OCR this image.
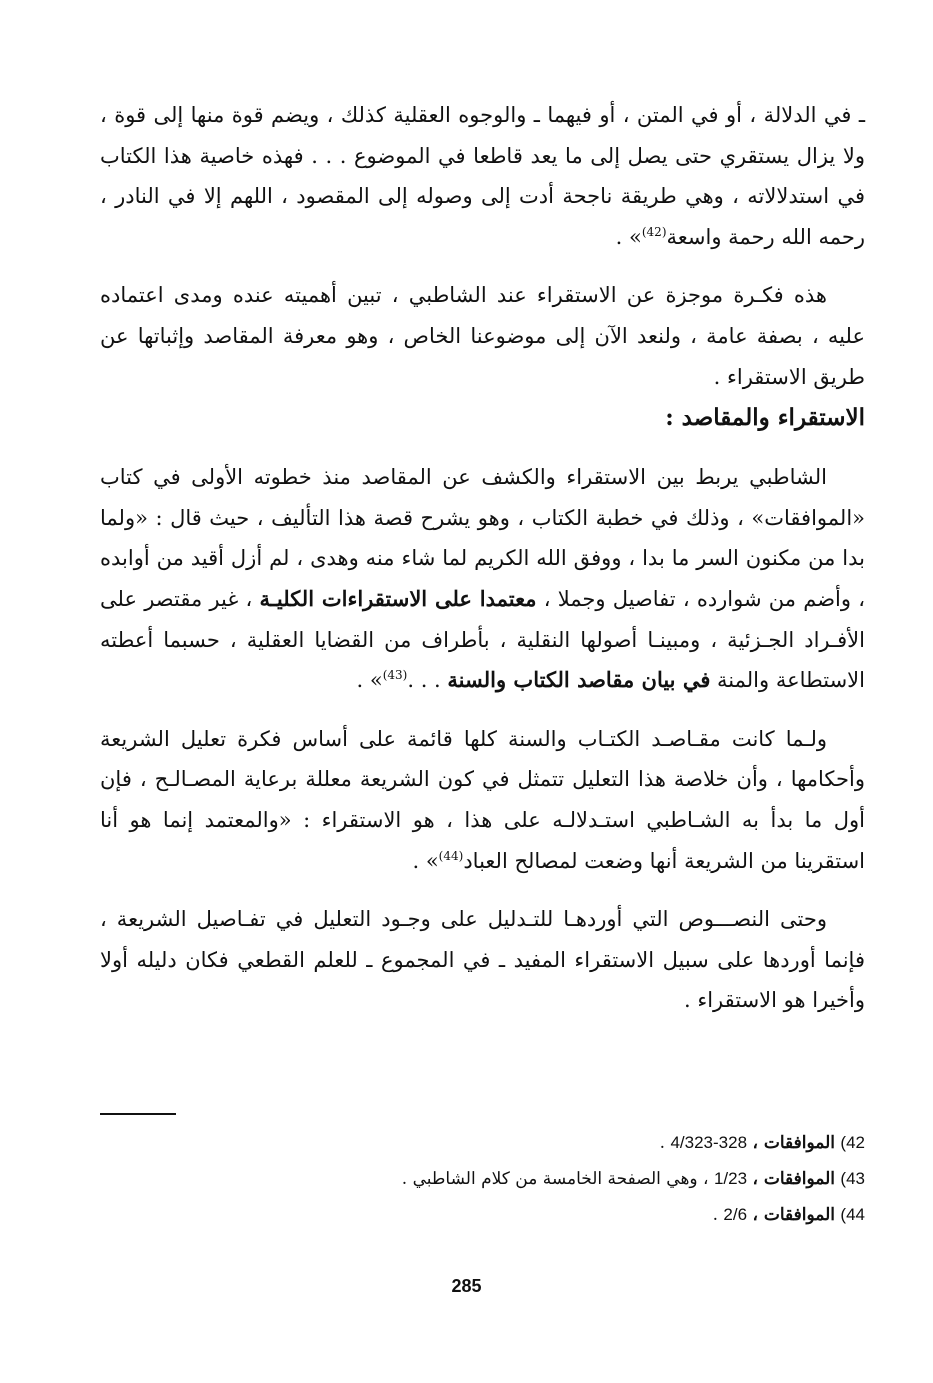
ـ في الدلالة ، أو في المتن ، أو فيهما ـ والوجوه العقلية كذلك ، ويضم قوة منها إلى قوة ، ولا يزال يستقري حتى يصل إلى ما يعد قاطعا في الموضوع . . . فهذه خاصية هذا الكتاب في استدلالاته ، وهي طريقة ناجحة أدت إلى وصوله إلى المقصود ، اللهم إلا في النادر ، رحمه الله رحمة واسعة$^{(42)}$» .

هذه فكـرة موجزة عن الاستقراء عند الشاطبي ، تبين أهميته عنده ومدى اعتماده عليه ، بصفة عامة ، ولنعد الآن إلى موضوعنا الخاص ، وهو معرفة المقاصد وإثباتها عن طريق الاستقراء .

الاستقراء والمقاصد :

الشاطبي يربط بين الاستقراء والكشف عن المقاصد منذ خطوته الأولى في كتاب «الموافقات» ، وذلك في خطبة الكتاب ، وهو يشرح قصة هذا التأليف ، حيث قال : «ولما بدا من مكنون السر ما بدا ، ووفق الله الكريم لما شاء منه وهدى ، لم أزل أقيد من أوابده ، وأضم من شوارده ، تفاصيل وجملا ، معتمدا على الاستقراءات الكليـة ، غير مقتصر على الأفـراد الجـزئية ، ومبينـا أصولها النقلية ، بأطراف من القضايا العقلية ، حسبما أعطته الاستطاعة والمنة في بيان مقاصد الكتاب والسنة . . .$^{(43)}$» .

ولـما كانت مقـاصـد الكتـاب والسنة كلها قائمة على أساس فكرة تعليل الشريعة وأحكامها ، وأن خلاصة هذا التعليل تتمثل في كون الشريعة معللة برعاية المصـالـح ، فإن أول ما بدأ به الشـاطبي استـدلالـه على هذا ، هو الاستقراء : «والمعتمد إنما هو أنا استقرينا من الشريعة أنها وضعت لمصالح العباد$^{(44)}$» .

وحتى النصـــوص التي أوردهـا للتـدليل على وجـود التعليل في تفـاصيل الشريعة ، فإنما أوردها على سبيل الاستقراء المفيد ـ في المجموع ـ للعلم القطعي فكان دليله أولا وأخيرا هو الاستقراء .

42) الموافقات ، 4/323-328 .

43) الموافقات ، 1/23 ، وهي الصفحة الخامسة من كلام الشاطبي .

44) الموافقات ، 2/6 .

285
